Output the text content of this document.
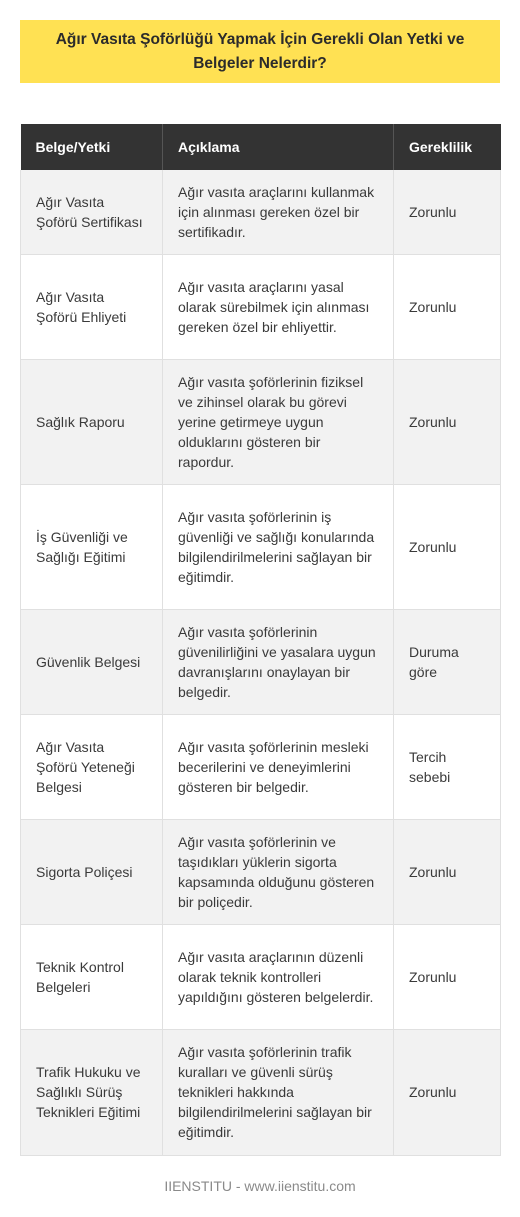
Ağır Vasıta Şoförlüğü Yapmak İçin Gerekli Olan Yetki ve Belgeler Nelerdir?
Belge/Yetki	Açıklama	Gereklilik
Ağır Vasıta Şoförü Sertifikası	Ağır vasıta araçlarını kullanmak için alınması gereken özel bir sertifikadır.	Zorunlu
Ağır Vasıta Şoförü Ehliyeti	Ağır vasıta araçlarını yasal olarak sürebilmek için alınması gereken özel bir ehliyettir.	Zorunlu
Sağlık Raporu	Ağır vasıta şoförlerinin fiziksel ve zihinsel olarak bu görevi yerine getirmeye uygun olduklarını gösteren bir rapordur.	Zorunlu
İş Güvenliği ve Sağlığı Eğitimi	Ağır vasıta şoförlerinin iş güvenliği ve sağlığı konularında bilgilendirilmelerini sağlayan bir eğitimdir.	Zorunlu
Güvenlik Belgesi	Ağır vasıta şoförlerinin güvenilirliğini ve yasalara uygun davranışlarını onaylayan bir belgedir.	Duruma göre
Ağır Vasıta Şoförü Yeteneği Belgesi	Ağır vasıta şoförlerinin mesleki becerilerini ve deneyimlerini gösteren bir belgedir.	Tercih sebebi
Sigorta Poliçesi	Ağır vasıta şoförlerinin ve taşıdıkları yüklerin sigorta kapsamında olduğunu gösteren bir poliçedir.	Zorunlu
Teknik Kontrol Belgeleri	Ağır vasıta araçlarının düzenli olarak teknik kontrolleri yapıldığını gösteren belgelerdir.	Zorunlu
Trafik Hukuku ve Sağlıklı Sürüş Teknikleri Eğitimi	Ağır vasıta şoförlerinin trafik kuralları ve güvenli sürüş teknikleri hakkında bilgilendirilmelerini sağlayan bir eğitimdir.	Zorunlu
IIENSTITU - www.iienstitu.com
